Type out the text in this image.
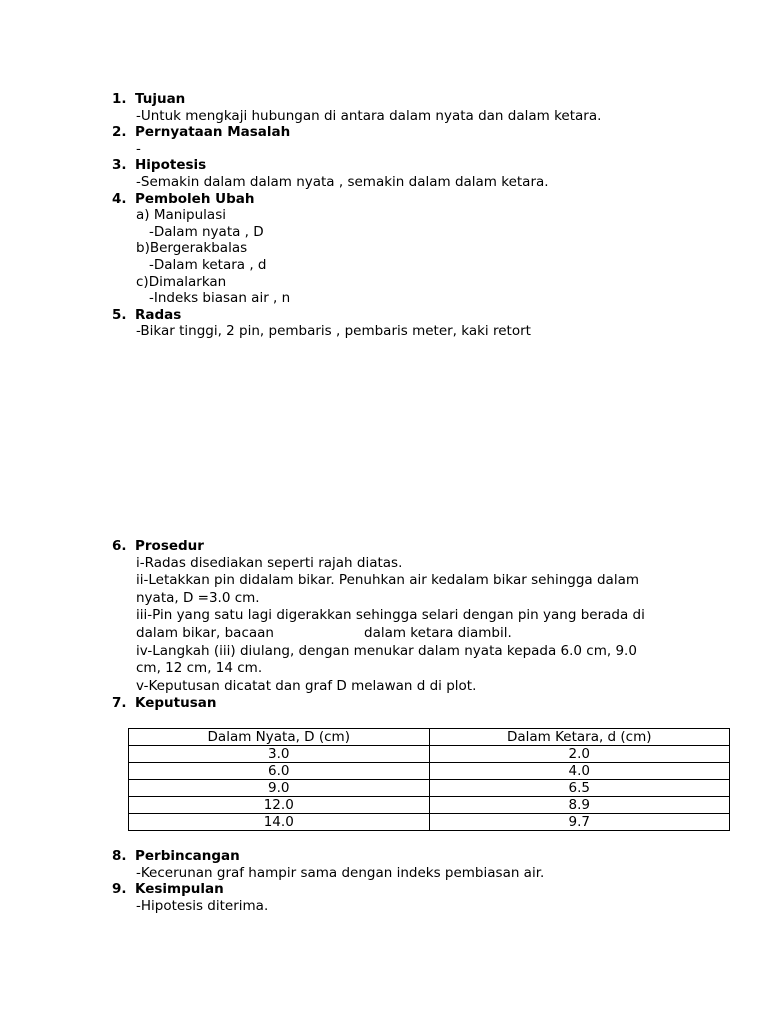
1. Tujuan
-Untuk mengkaji hubungan di antara dalam nyata dan dalam ketara.
2. Pernyataan Masalah
-
3. Hipotesis
-Semakin dalam dalam nyata , semakin dalam dalam ketara.
4. Pemboleh Ubah
a) Manipulasi
-Dalam nyata , D
b)Bergerakbalas
-Dalam ketara , d
c)Dimalarkan
-Indeks biasan air , n
5. Radas
-Bikar tinggi, 2 pin, pembaris , pembaris meter, kaki retort
6. Prosedur
i-Radas disediakan seperti rajah diatas.
ii-Letakkan pin didalam bikar. Penuhkan air kedalam bikar sehingga dalam
nyata, D =3.0 cm.
iii-Pin yang satu lagi digerakkan sehingga selari dengan pin yang berada di
dalam bikar, bacaan	dalam ketara diambil.
iv-Langkah (iii) diulang, dengan menukar dalam nyata kepada 6.0 cm, 9.0
cm, 12 cm, 14 cm.
v-Keputusan dicatat dan graf D melawan d di plot.
7. Keputusan
Dalam Nyata, D (cm)	Dalam Ketara, d (cm)
3.0	2.0
6.0	4.0
9.0	6.5
12.0	8.9
14.0	9.7
8. Perbincangan
-Kecerunan graf hampir sama dengan indeks pembiasan air.
9. Kesimpulan
-Hipotesis diterima.
